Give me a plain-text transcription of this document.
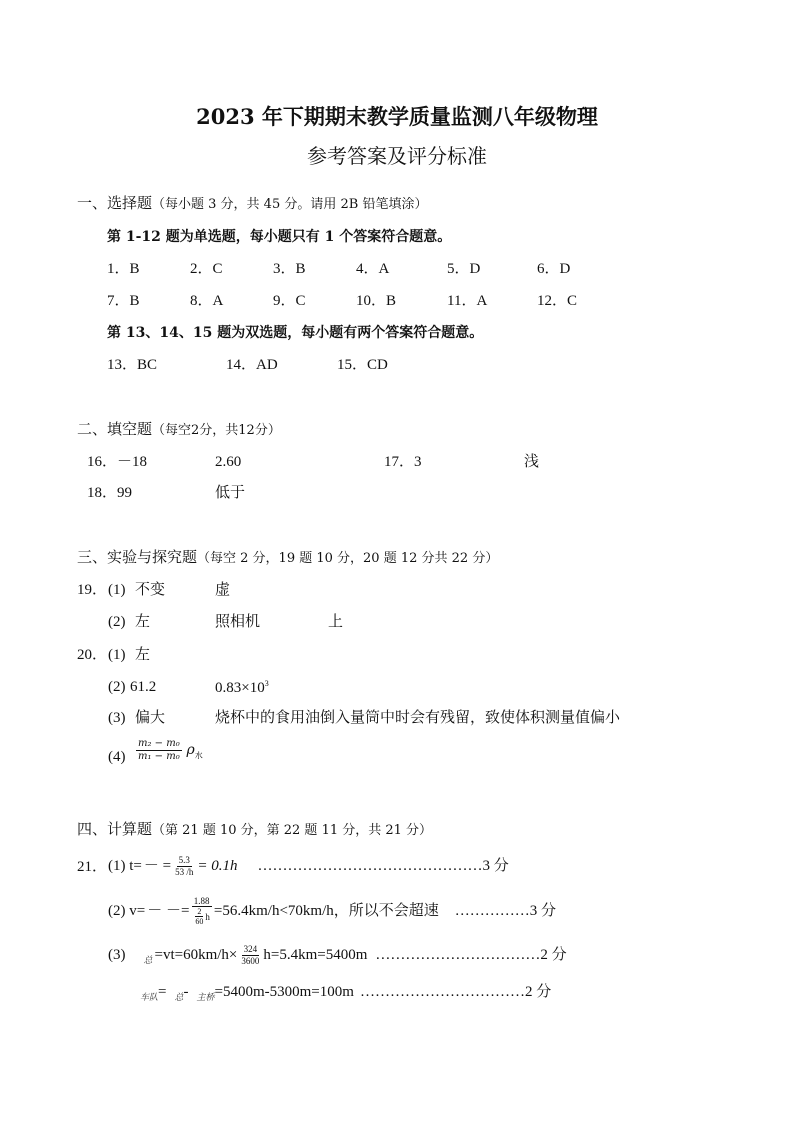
2023 年下期期末教学质量监测八年级物理
参考答案及评分标准
一、选择题（每小题 3 分，共 45 分。请用 2B 铅笔填涂）
第 1-12 题为单选题，每小题只有 1 个答案符合题意。
1．B	2．C	3．B	4．A	5．D	6．D
7．B	8．A	9．C	10．B	11．A	12．C
第 13、14、15 题为双选题，每小题有两个答案符合题意。
13．BC	14．AD	15．CD
二、填空题（每空2分，共12分）
16．－18	2.60	17．3	浅
18．99	低于
三、实验与探究题（每空 2 分，19 题 10 分，20 题 12 分共 22 分）
19． (1) 不变	虚
(2) 左	照相机	上
20． (1) 左
(2) 61.2	$0.83\times 10^3$
(3) 偏大	烧杯中的食用油倒入量筒中时会有残留，致使体积测量值偏小
$(4) \frac{\text{m₂ − m₀}}{\text{m₁ − m₀}} \rho_水$
四、计算题（第 21 题 10 分，第 22 题 11 分，共 21 分）
21． (1) t= － = $\frac{5.3}{53 /h} = 0.1h$ ………………………………………3 分
(2) v= － －= $\frac{1.88}{\frac{2}{60} h} =56.4km/h<70km/h$，所以不会超速 ……………3 分
(3) 总 $=vt=60km/h\times \frac{324}{3600} h=5.4km=5400m$ ……………………………2 分
车队 = 总 - 主桥 =5400m-5300m=100m ……………………………2 分
